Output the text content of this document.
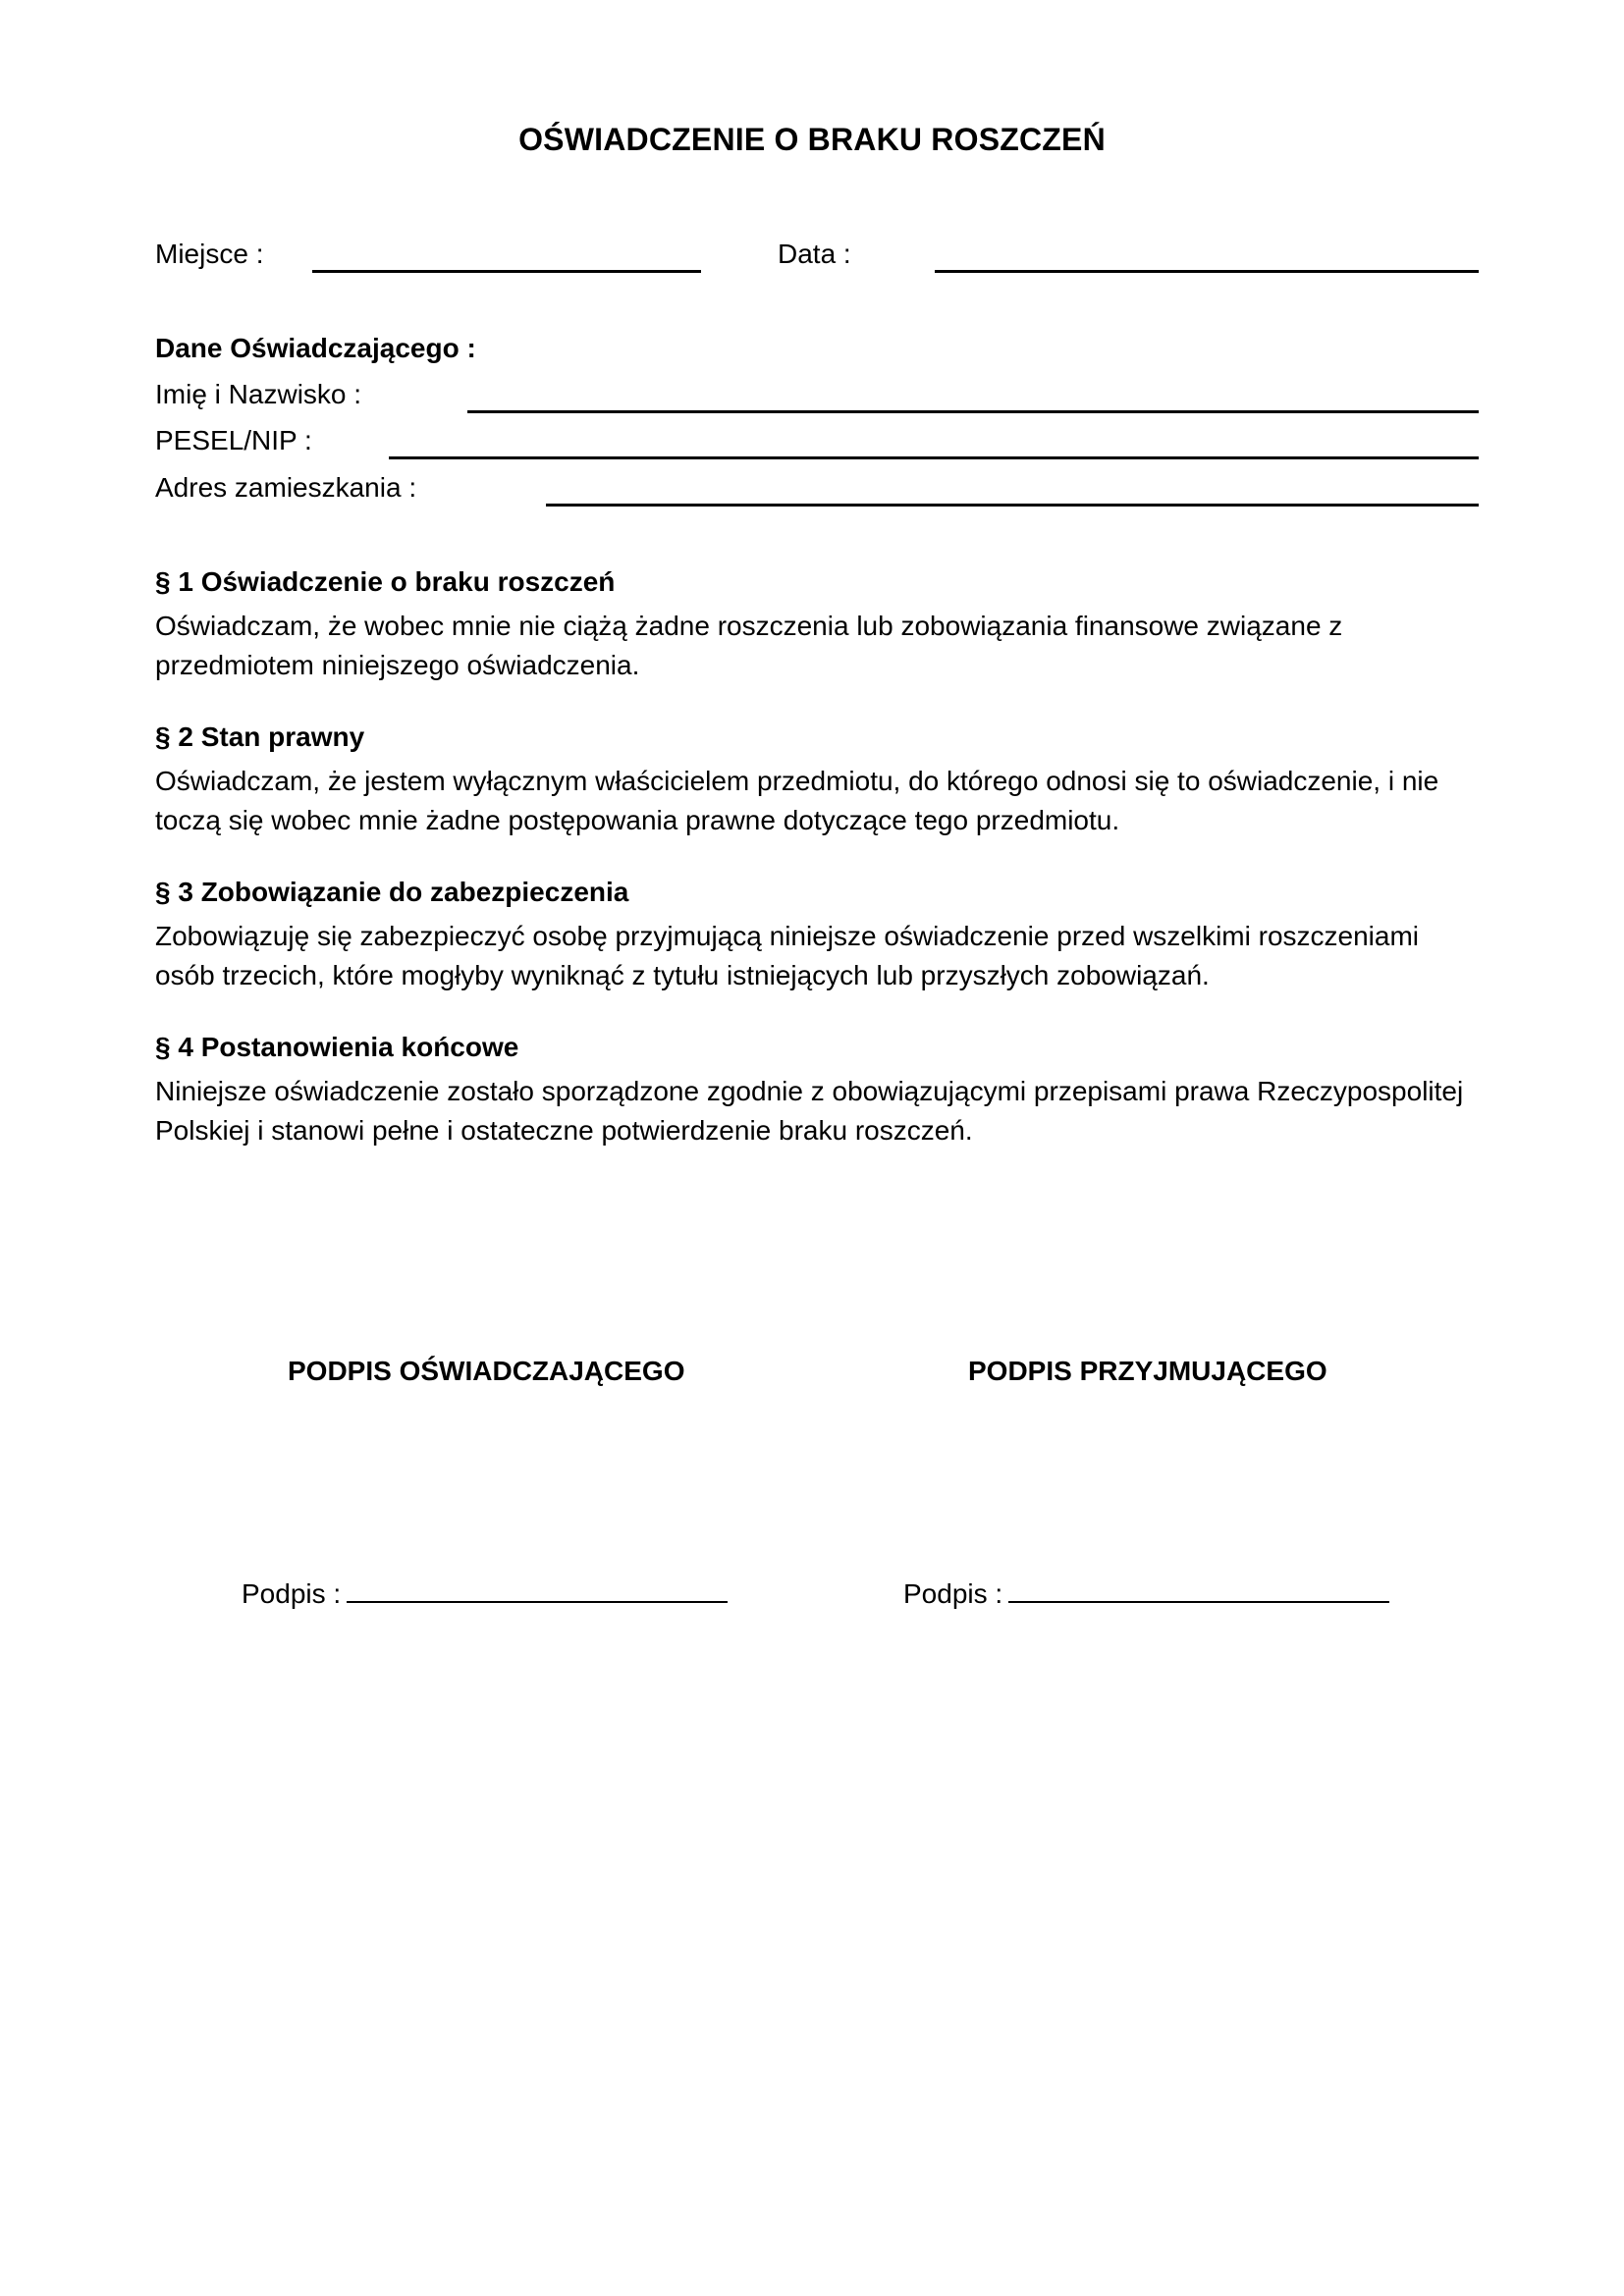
OŚWIADCZENIE O BRAKU ROSZCZEŃ
Miejsce :	Data :
Dane Oświadczającego :
Imię i Nazwisko :
PESEL/NIP :
Adres zamieszkania :
§ 1 Oświadczenie o braku roszczeń
Oświadczam, że wobec mnie nie ciążą żadne roszczenia lub zobowiązania finansowe związane z
przedmiotem niniejszego oświadczenia.
§ 2 Stan prawny
Oświadczam, że jestem wyłącznym właścicielem przedmiotu, do którego odnosi się to oświadczenie, i nie
toczą się wobec mnie żadne postępowania prawne dotyczące tego przedmiotu.
§ 3 Zobowiązanie do zabezpieczenia
Zobowiązuję się zabezpieczyć osobę przyjmującą niniejsze oświadczenie przed wszelkimi roszczeniami
osób trzecich, które mogłyby wyniknąć z tytułu istniejących lub przyszłych zobowiązań.
§ 4 Postanowienia końcowe
Niniejsze oświadczenie zostało sporządzone zgodnie z obowiązującymi przepisami prawa Rzeczypospolitej
Polskiej i stanowi pełne i ostateczne potwierdzenie braku roszczeń.
PODPIS OŚWIADCZAJĄCEGO	PODPIS PRZYJMUJĄCEGO
Podpis :	Podpis :
